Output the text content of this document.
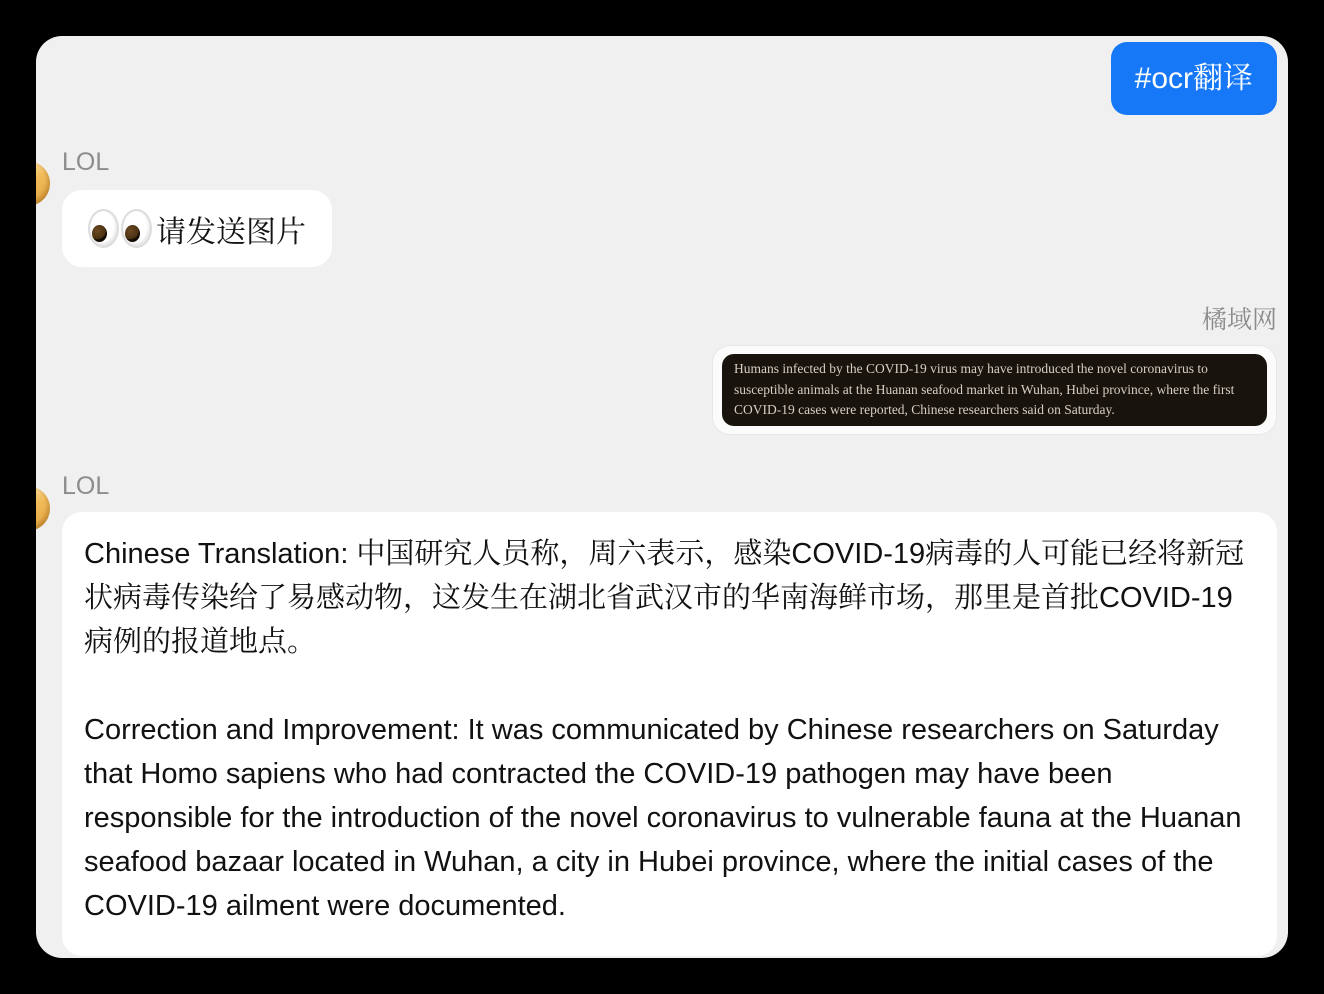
#ocr翻译
LOL
请发送图片
橘域网
Humans infected by the COVID-19 virus may have introduced the novel coronavirus to susceptible animals at the Huanan seafood market in Wuhan, Hubei province, where the first COVID-19 cases were reported, Chinese researchers said on Saturday.
LOL

Chinese Translation: 中国研究人员称，周六表示，感染COVID-19病毒的人可能已经将新冠状病毒传染给了易感动物，这发生在湖北省武汉市的华南海鲜市场，那里是首批COVID-19病例的报道地点。

Correction and Improvement: It was communicated by Chinese researchers on Saturday that Homo sapiens who had contracted the COVID-19 pathogen may have been responsible for the introduction of the novel coronavirus to vulnerable fauna at the Huanan seafood bazaar located in Wuhan, a city in Hubei province, where the initial cases of the COVID-19 ailment were documented.
